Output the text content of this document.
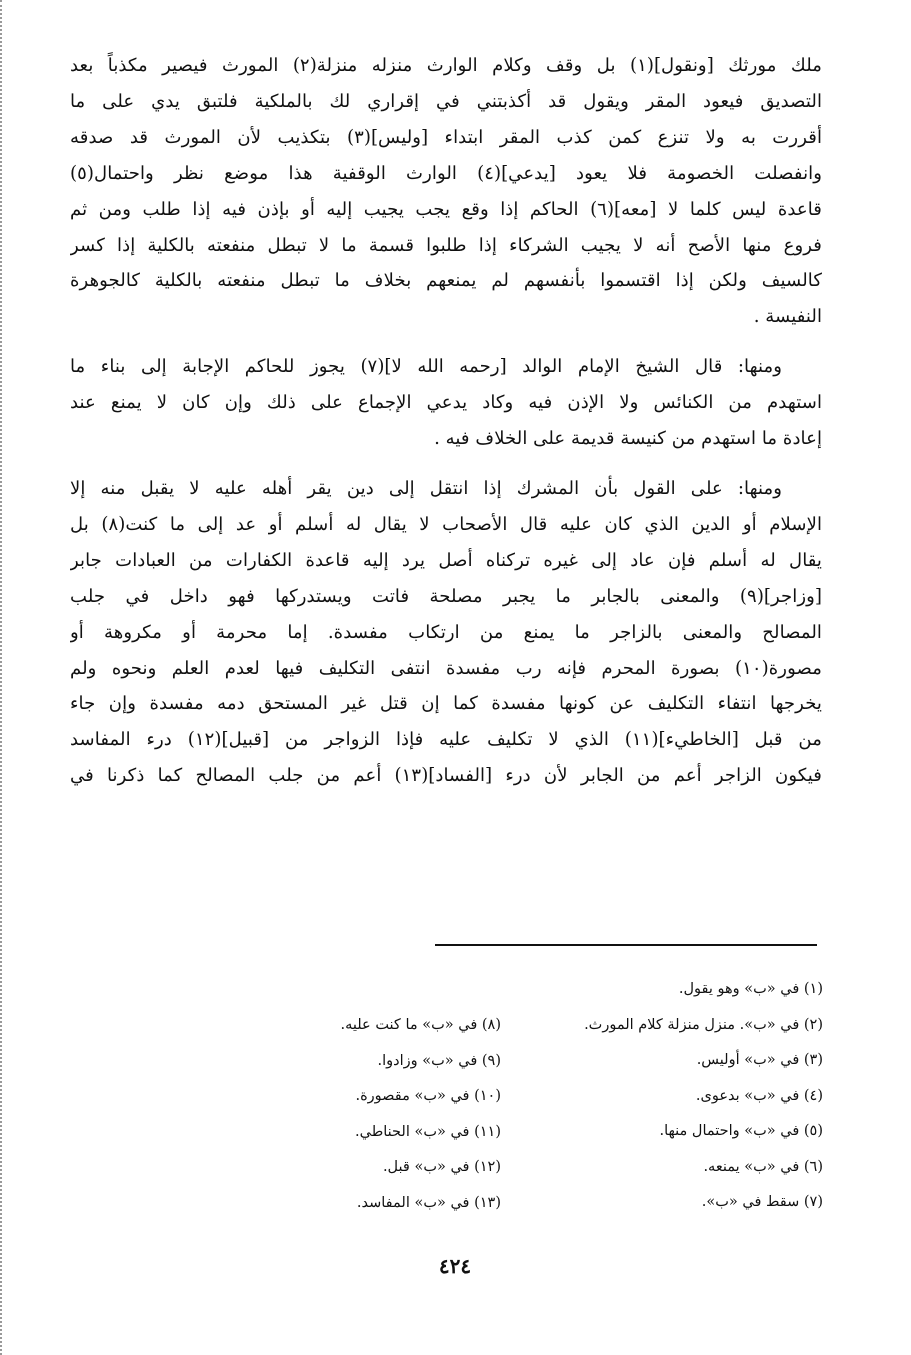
ملك مورثك [ونقول](١) بل وقف وكلام الوارث منزله منزلة(٢) المورث فيصير مكذباً بعد
التصديق فيعود المقر ويقول قد أكذبتني في إقراري لك بالملكية فلتبق يدي على ما
أقررت به ولا تنزع كمن كذب المقر ابتداء [وليس](٣) بتكذيب لأن المورث قد صدقه
وانفصلت الخصومة فلا يعود [يدعي](٤) الوارث الوقفية هذا موضع نظر واحتمال(٥)
قاعدة ليس كلما لا [معه](٦) الحاكم إذا وقع يجب يجيب إليه أو بإذن فيه إذا طلب ومن ثم
فروع منها الأصح أنه لا يجيب الشركاء إذا طلبوا قسمة ما لا تبطل منفعته بالكلية إذا كسر
كالسيف ولكن إذا اقتسموا بأنفسهم لم يمنعهم بخلاف ما تبطل منفعته بالكلية كالجوهرة
النفيسة .
ومنها: قال الشيخ الإمام الوالد [رحمه الله لا](٧) يجوز للحاكم الإجابة إلى بناء ما
استهدم من الكنائس ولا الإذن فيه وكاد يدعي الإجماع على ذلك وإن كان لا يمنع عند
إعادة ما استهدم من كنيسة قديمة على الخلاف فيه .
ومنها: على القول بأن المشرك إذا انتقل إلى دين يقر أهله عليه لا يقبل منه إلا
الإسلام أو الدين الذي كان عليه قال الأصحاب لا يقال له أسلم أو عد إلى ما كنت(٨) بل
يقال له أسلم فإن عاد إلى غيره تركناه أصل يرد إليه قاعدة الكفارات من العبادات جابر
[وزاجر](٩) والمعنى بالجابر ما يجبر مصلحة فاتت ويستدركها فهو داخل في جلب
المصالح والمعنى بالزاجر ما يمنع من ارتكاب مفسدة. إما محرمة أو مكروهة أو
مصورة(١٠) بصورة المحرم فإنه رب مفسدة انتفى التكليف فيها لعدم العلم ونحوه ولم
يخرجها انتفاء التكليف عن كونها مفسدة كما إن قتل غير المستحق دمه مفسدة وإن جاء
من قبل [الخاطيء](١١) الذي لا تكليف عليه فإذا الزواجر من [قبيل](١٢) درء المفاسد
فيكون الزاجر أعم من الجابر لأن درء [الفساد](١٣) أعم من جلب المصالح كما ذكرنا في
(١) في «ب» وهو يقول.
(٢) في «ب». منزل منزلة كلام المورث.
(٣) في «ب» أوليس.
(٤) في «ب» بدعوى.
(٥) في «ب» واحتمال منها.
(٦) في «ب» يمنعه.
(٧) سقط في «ب».
(٨) في «ب» ما كنت عليه.
(٩) في «ب» وزادوا.
(١٠) في «ب» مقصورة.
(١١) في «ب» الحناطي.
(١٢) في «ب» قبل.
(١٣) في «ب» المفاسد.
٤٢٤
